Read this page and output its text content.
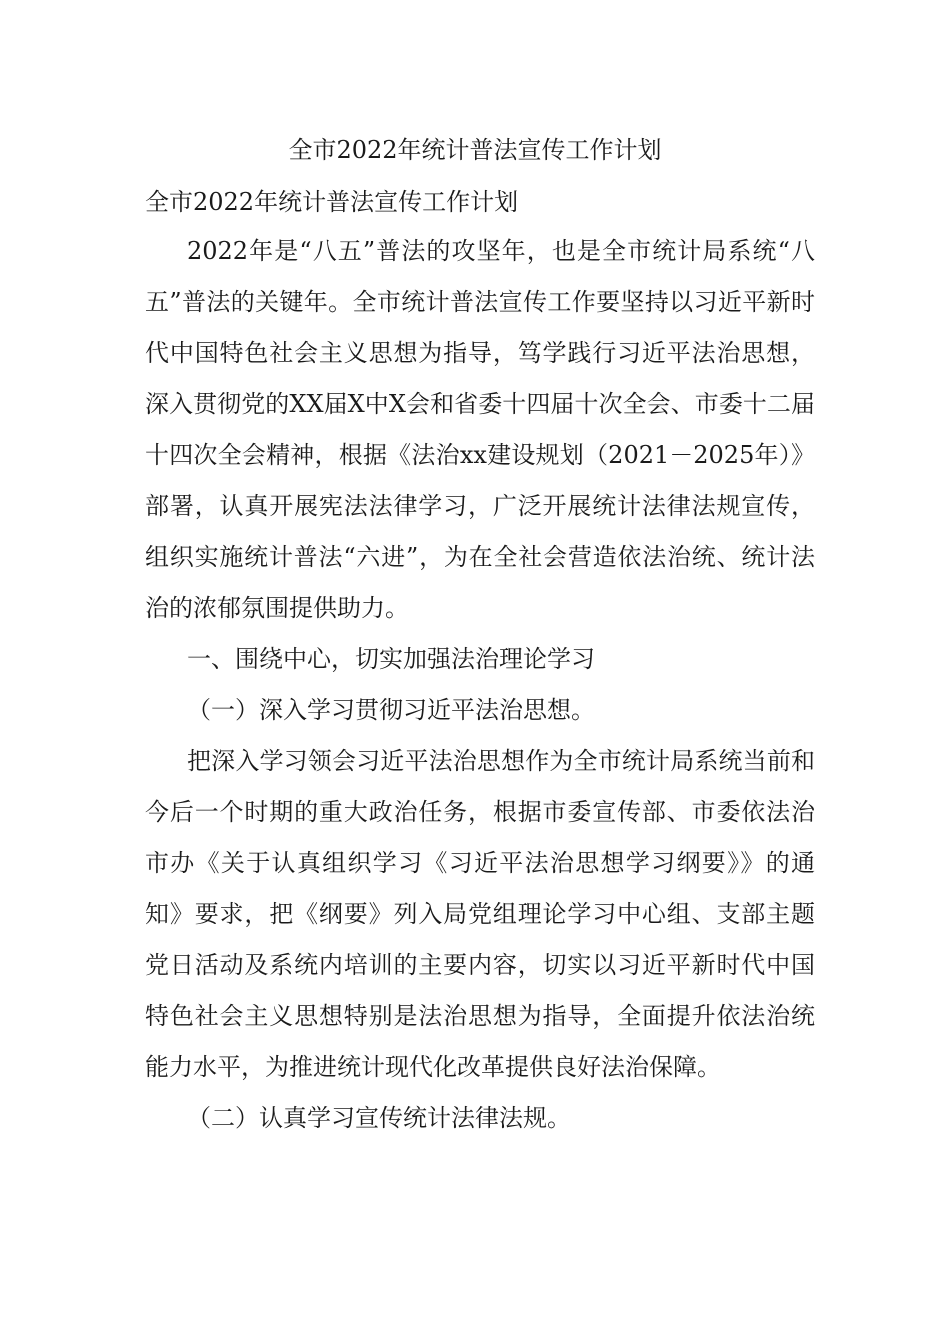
全市2022年统计普法宣传工作计划
全市2022年统计普法宣传工作计划

2022年是“八五”普法的攻坚年，也是全市统计局系统“八五”普法的关键年。全市统计普法宣传工作要坚持以习近平新时代中国特色社会主义思想为指导，笃学践行习近平法治思想，深入贯彻党的XX届X中X会和省委十四届十次全会、市委十二届十四次全会精神，根据《法治xx建设规划（2021－2025年）》部署，认真开展宪法法律学习，广泛开展统计法律法规宣传，组织实施统计普法“六进”，为在全社会营造依法治统、统计法治的浓郁氛围提供助力。

一、围绕中心，切实加强法治理论学习

（一）深入学习贯彻习近平法治思想。

把深入学习领会习近平法治思想作为全市统计局系统当前和今后一个时期的重大政治任务，根据市委宣传部、市委依法治市办《关于认真组织学习《习近平法治思想学习纲要》》的通知》要求，把《纲要》列入局党组理论学习中心组、支部主题党日活动及系统内培训的主要内容，切实以习近平新时代中国特色社会主义思想特别是法治思想为指导，全面提升依法治统能力水平，为推进统计现代化改革提供良好法治保障。

（二）认真学习宣传统计法律法规。
